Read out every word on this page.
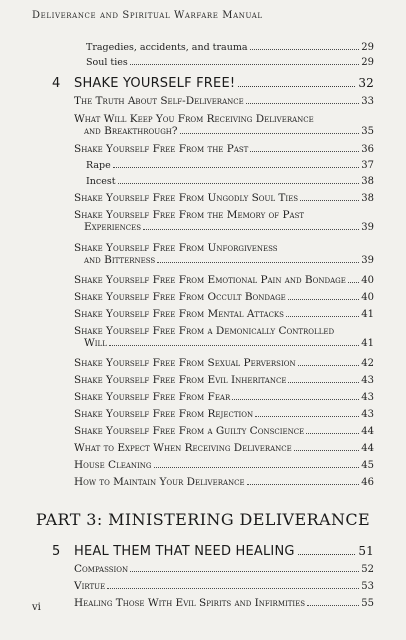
Deliverance and Spiritual Warfare Manual
Tragedies, accidents, and trauma	29
Soul ties	29
4	SHAKE YOURSELF FREE!	32
The Truth About Self-Deliverance	33
What Will Keep You From Receiving Deliverance
and Breakthrough?	35
Shake Yourself Free From the Past	36
Rape	37
Incest	38
Shake Yourself Free From Ungodly Soul Ties	38
Shake Yourself Free From the Memory of Past
Experiences	39
Shake Yourself Free From Unforgiveness
and Bitterness	39
Shake Yourself Free From Emotional Pain and Bondage 40
Shake Yourself Free From Occult Bondage	40
Shake Yourself Free From Mental Attacks	41
Shake Yourself Free From a Demonically Controlled
Will	41
Shake Yourself Free From Sexual Perversion	42
Shake Yourself Free From Evil Inheritance	43
Shake Yourself Free From Fear	43
Shake Yourself Free From Rejection	43
Shake Yourself Free From a Guilty Conscience	44
What to Expect When Receiving Deliverance	44
House Cleaning	45
How to Maintain Your Deliverance	46
PART 3: MINISTERING DELIVERANCE
5	HEAL THEM THAT NEED HEALING	51
Compassion	52
Virtue	53
Healing Those With Evil Spirits and Infirmities	55
vi
